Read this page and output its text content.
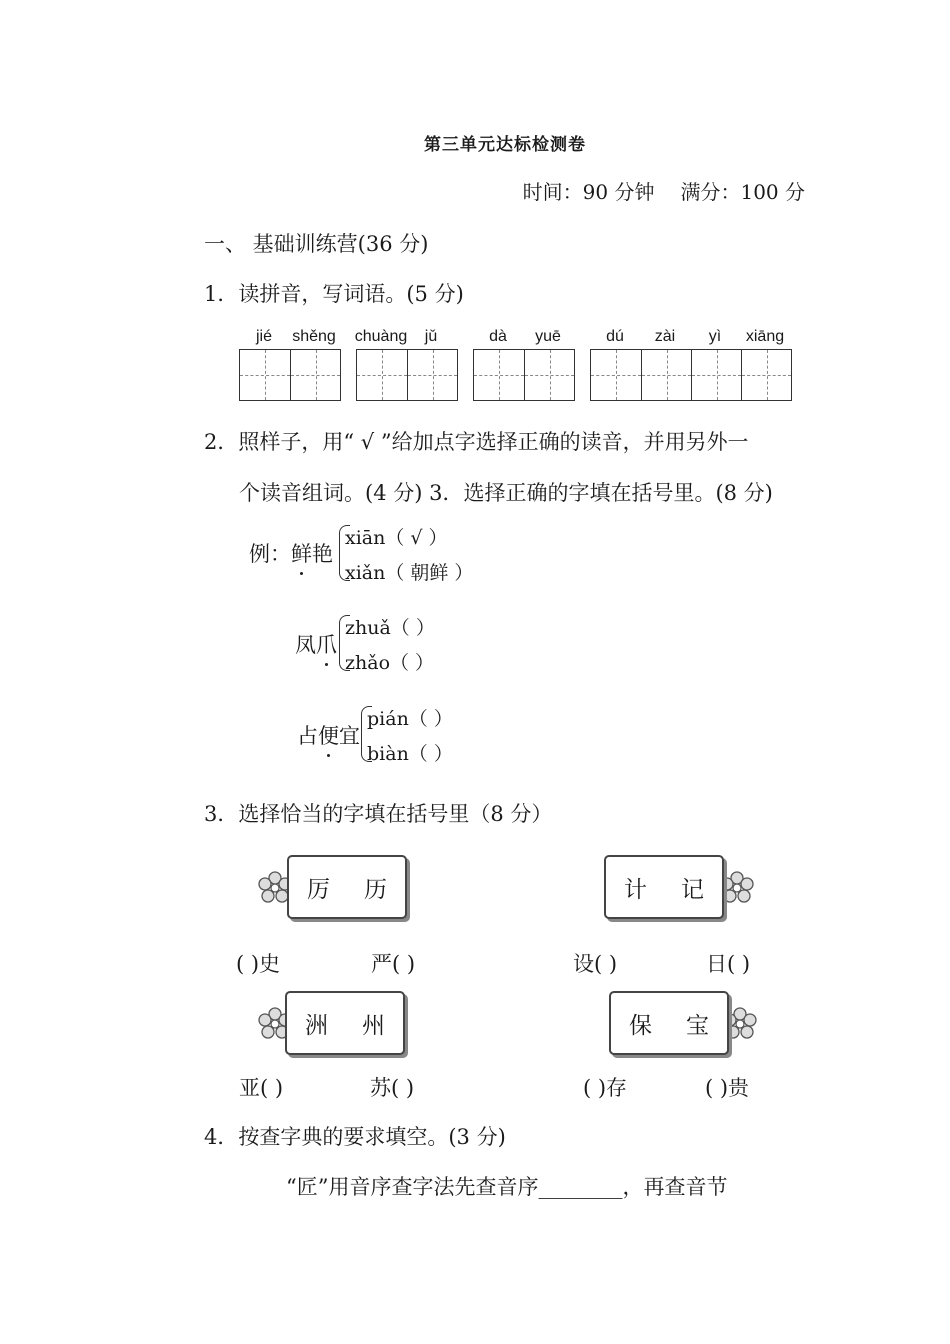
第三单元达标检测卷
时间：90 分钟 满分：100 分
一、 基础训练营(36 分)
1．读拼音，写词语。(5 分)
jié	shěng chuàng	jǔ	dà	yuē	dú	zài	yì	xiāng
2．照样子，用“ √ ”给加点字选择正确的读音，并用另外一
个读音组词。(4 分) 3．选择正确的字填在括号里。(8 分)
例：鲜艳
xiān（ √ ）
xiǎn（ 朝鲜 ）
凤爪
zhuǎ（ ）
zhǎo（ ）
占便宜
pián（ ）
biàn（ ）
3．选择恰当的字填在括号里（8 分）
厉 历	计 记
( )史	严( )	设( )	日( )
洲 州	保 宝
亚( )	苏( )	( )存	( )贵
4．按查字典的要求填空。(3 分)
“匠”用音序查字法先查音序________，再查音节
